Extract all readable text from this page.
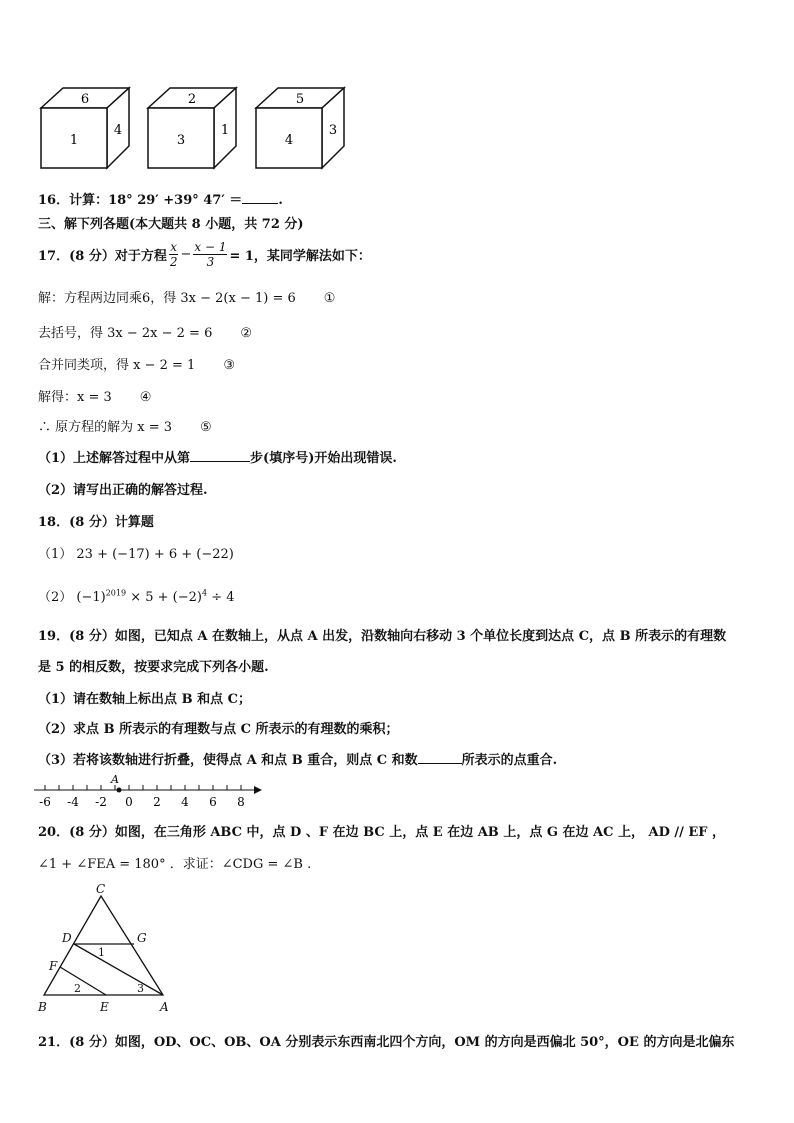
6
1
4
2
3
1
5
4
3
16．计算：18° 29′ +39° 47′ ＝	.
三、解下列各题(本大题共 8 小题，共 72 分)
17．(8 分）对于方程 $\frac{x}{2} - \frac{x - 1}{3} = 1$，某同学解法如下：
解：方程两边同乘6，得 3x − 2(x − 1) = 6 ①
去括号，得 3x − 2x − 2 = 6 ②
合并同类项，得 x − 2 = 1 ③
解得：x = 3 ④
∴ 原方程的解为 x = 3 ⑤
（1）上述解答过程中从第	步(填序号)开始出现错误.
（2）请写出正确的解答过程.
18．(8 分）计算题
（1） 23 + (−17) + 6 + (−22)
（2） $(-1)^{2019} \times 5 + (-2)^4 \div 4$
19．(8 分）如图，已知点 A 在数轴上，从点 A 出发，沿数轴向右移动 3 个单位长度到达点 C，点 B 所表示的有理数
是 5 的相反数，按要求完成下列各小题.
（1）请在数轴上标出点 B 和点 C；
（2）求点 B 所表示的有理数与点 C 所表示的有理数的乘积；
（3）若将该数轴进行折叠，使得点 A 和点 B 重合，则点 C 和数	所表示的点重合.
-6 -4 -2 0 2 4 6 8
A
20．(8 分）如图，在三角形 ABC 中，点 D 、F 在边 BC 上，点 E 在边 AB 上，点 G 在边 AC 上， AD // EF ，
∠1 + ∠FEA = 180° ．求证：∠CDG = ∠B .
C
D	G
F
B	E	A
1
2	3
21．(8 分）如图，OD、OC、OB、OA 分别表示东西南北四个方向，OM 的方向是西偏北 50°，OE 的方向是北偏东
